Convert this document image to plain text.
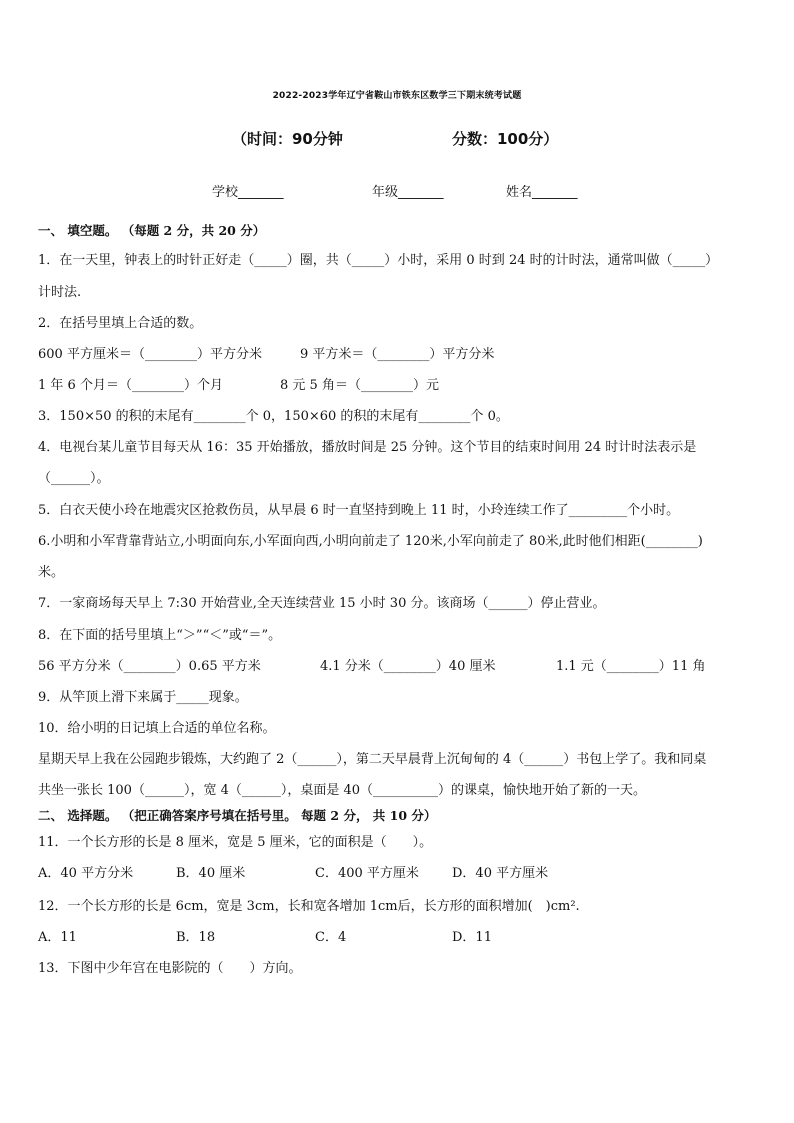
2022-2023学年辽宁省鞍山市铁东区数学三下期末统考试题
（时间：90分钟	分数：100分）
学校_______	年级_______	姓名_______
一、 填空题。 （每题 2 分，共 20 分）
1．在一天里，钟表上的时针正好走（_____）圈，共（_____）小时，采用 0 时到 24 时的计时法，通常叫做（_____）
计时法.
2．在括号里填上合适的数。
600 平方厘米＝（________）平方分米	9 平方米＝（________）平方分米
1 年 6 个月＝（________）个月	8 元 5 角＝（________）元
3．150×50 的积的末尾有________个 0，150×60 的积的末尾有________个 0。
4．电视台某儿童节目每天从 16：35 开始播放，播放时间是 25 分钟。这个节目的结束时间用 24 时计时法表示是
（______）。
5．白衣天使小玲在地震灾区抢救伤员，从早晨 6 时一直坚持到晚上 11 时，小玲连续工作了_________个小时。
6.小明和小军背靠背站立,小明面向东,小军面向西,小明向前走了 120米,小军向前走了 80米,此时他们相距(________)
米。
7．一家商场每天早上 7:30 开始营业,全天连续营业 15 小时 30 分。该商场（______）停止营业。
8．在下面的括号里填上“＞”“＜”或“＝”。
56 平方分米（________）0.65 平方米	4.1 分米（________）40 厘米	1.1 元（________）11 角
9．从竿顶上滑下来属于_____现象。
10．给小明的日记填上合适的单位名称。
星期天早上我在公园跑步锻炼，大约跑了 2（______），第二天早晨背上沉甸甸的 4（______）书包上学了。我和同桌
共坐一张长 100（______），宽 4（______），桌面是 40（__________）的课桌，愉快地开始了新的一天。
二、 选择题。 （把正确答案序号填在括号里。 每题 2 分， 共 10 分）
11．一个长方形的长是 8 厘米，宽是 5 厘米，它的面积是（　　）。
A．40 平方分米	B．40 厘米	C．400 平方厘米	D．40 平方厘米
12．一个长方形的长是 6cm，宽是 3cm，长和宽各增加 1cm后，长方形的面积增加(　)cm².
A．11	B．18	C．4	D．11
13．下图中少年宫在电影院的（　　）方向。
